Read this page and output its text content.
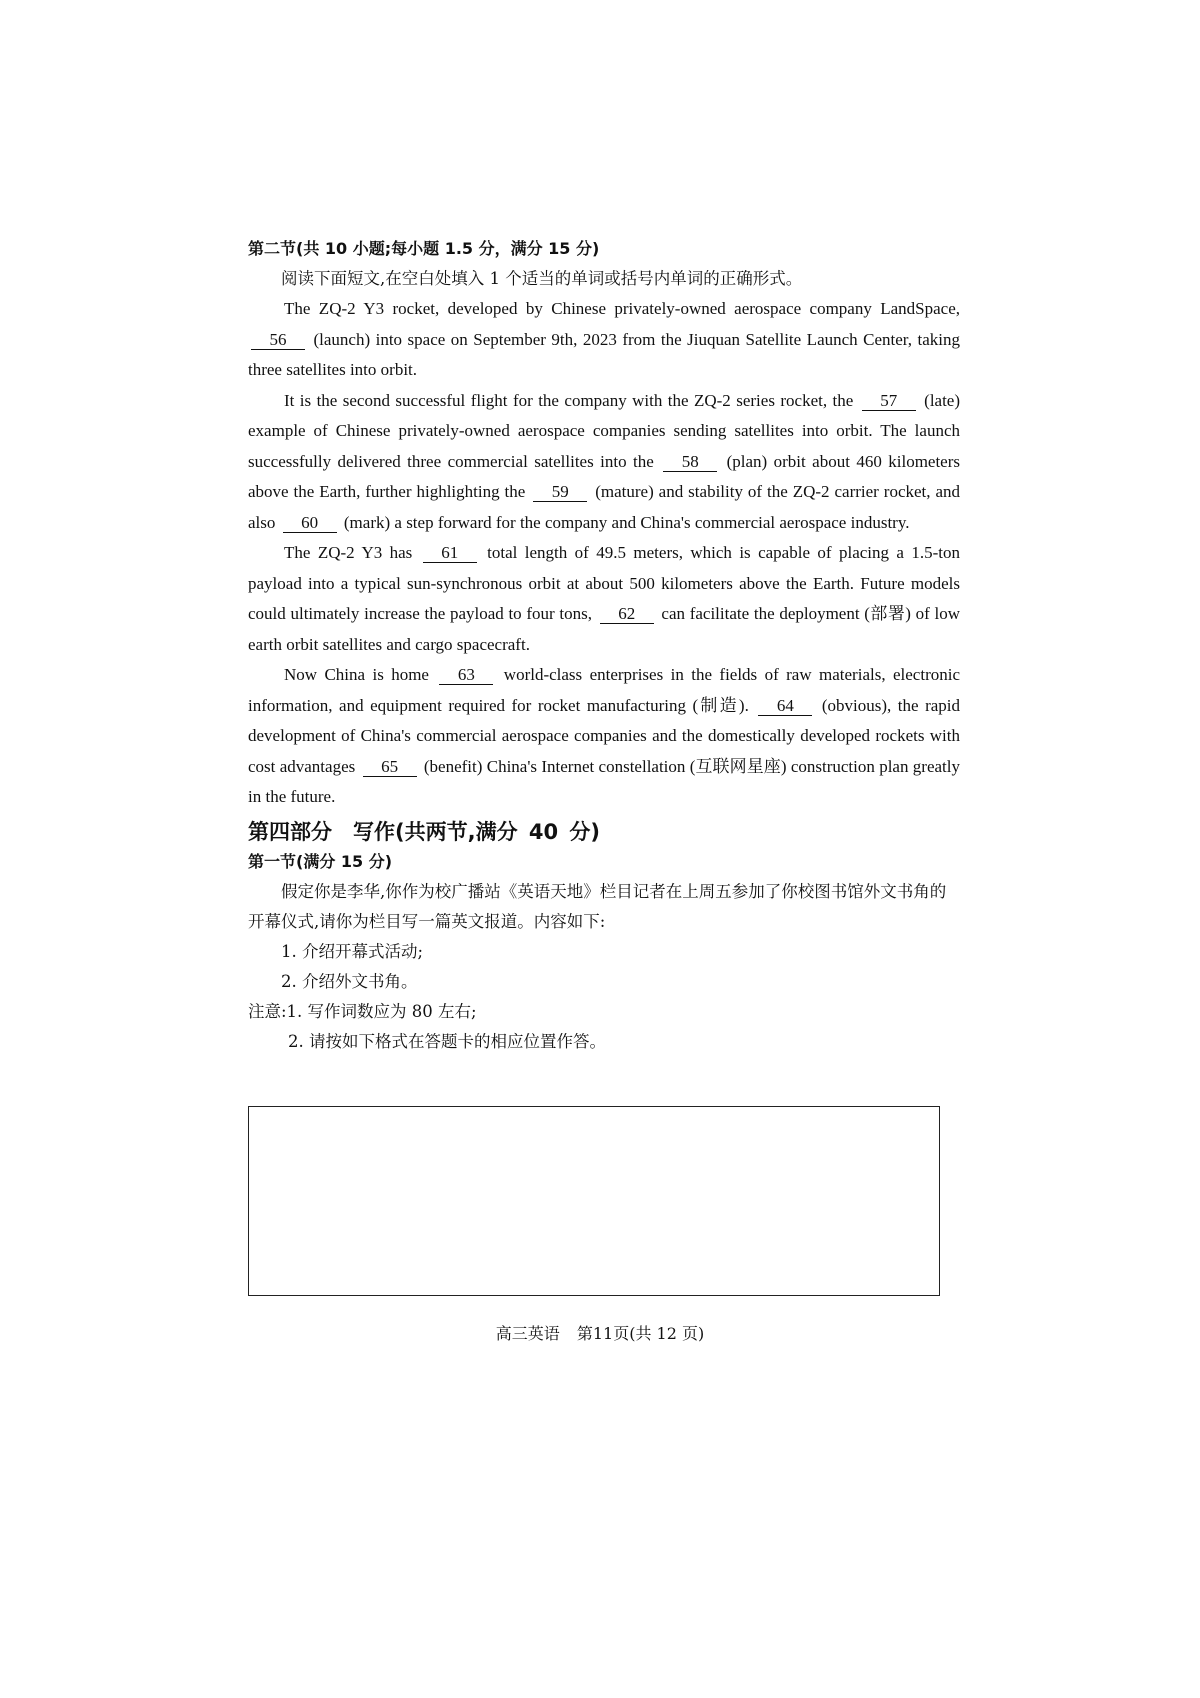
第二节(共 10 小题;每小题 1.5 分，满分 15 分)

阅读下面短文,在空白处填入 1 个适当的单词或括号内单词的正确形式。

The ZQ-2 Y3 rocket, developed by Chinese privately-owned aerospace company LandSpace, 56 (launch) into space on September 9th, 2023 from the Jiuquan Satellite Launch Center, taking three satellites into orbit.

It is the second successful flight for the company with the ZQ-2 series rocket, the 57 (late) example of Chinese privately-owned aerospace companies sending satellites into orbit. The launch successfully delivered three commercial satellites into the 58 (plan) orbit about 460 kilometers above the Earth, further highlighting the 59 (mature) and stability of the ZQ-2 carrier rocket, and also 60 (mark) a step forward for the company and China's commercial aerospace industry.

The ZQ-2 Y3 has 61 total length of 49.5 meters, which is capable of placing a 1.5-ton payload into a typical sun-synchronous orbit at about 500 kilometers above the Earth. Future models could ultimately increase the payload to four tons, 62 can facilitate the deployment (部署) of low earth orbit satellites and cargo spacecraft.

Now China is home 63 world-class enterprises in the fields of raw materials, electronic information, and equipment required for rocket manufacturing (制造). 64 (obvious), the rapid development of China's commercial aerospace companies and the domestically developed rockets with cost advantages 65 (benefit) China's Internet constellation (互联网星座) construction plan greatly in the future.

第四部分　写作(共两节,满分 40 分)

第一节(满分 15 分)

假定你是李华,你作为校广播站《英语天地》栏目记者在上周五参加了你校图书馆外文书角的开幕仪式,请你为栏目写一篇英文报道。内容如下:

1. 介绍开幕式活动;

2. 介绍外文书角。

注意:1. 写作词数应为 80 左右;

2. 请按如下格式在答题卡的相应位置作答。

高三英语 第11页(共 12 页)
